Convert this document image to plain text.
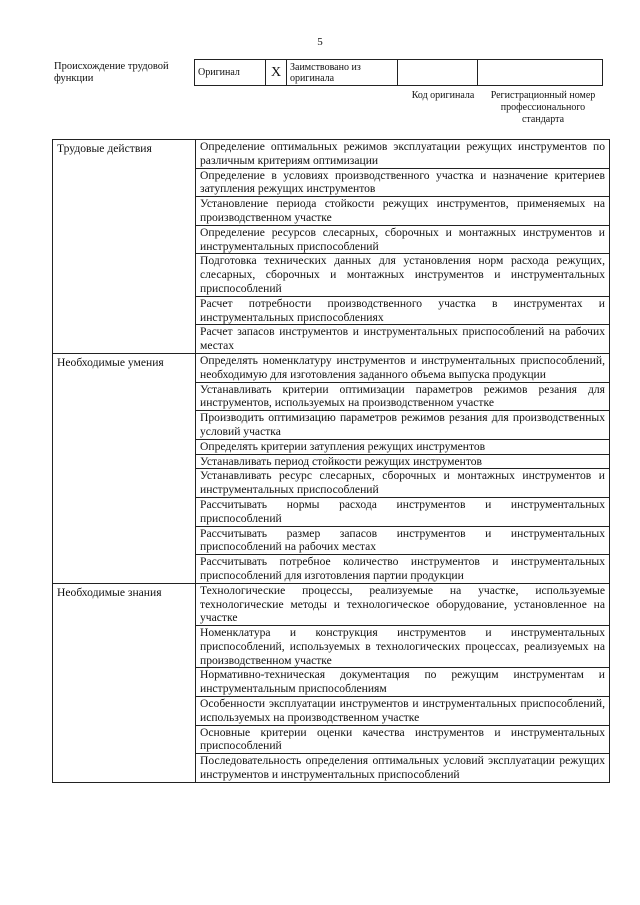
5
Происхождение трудовой функции
Оригинал	X	Заимствовано из оригинала		
Код оригинала	Регистрационный номер профессионального стандарта
Трудовые действия	Определение оптимальных режимов эксплуатации режущих инструментов по различным критериям оптимизации
	Определение в условиях производственного участка и назначение критериев затупления режущих инструментов
	Установление периода стойкости режущих инструментов, применяемых на производственном участке
	Определение ресурсов слесарных, сборочных и монтажных инструментов и инструментальных приспособлений
	Подготовка технических данных для установления норм расхода режущих, слесарных, сборочных и монтажных инструментов и инструментальных приспособлений
	Расчет потребности производственного участка в инструментах и инструментальных приспособлениях
	Расчет запасов инструментов и инструментальных приспособлений на рабочих местах
Необходимые умения	Определять номенклатуру инструментов и инструментальных приспособлений, необходимую для изготовления заданного объема выпуска продукции
	Устанавливать критерии оптимизации параметров режимов резания для инструментов, используемых на производственном участке
	Производить оптимизацию параметров режимов резания для производственных условий участка
	Определять критерии затупления режущих инструментов
	Устанавливать период стойкости режущих инструментов
	Устанавливать ресурс слесарных, сборочных и монтажных инструментов и инструментальных приспособлений
	Рассчитывать нормы расхода инструментов и инструментальных приспособлений
	Рассчитывать размер запасов инструментов и инструментальных приспособлений на рабочих местах
	Рассчитывать потребное количество инструментов и инструментальных приспособлений для изготовления партии продукции
Необходимые знания	Технологические процессы, реализуемые на участке, используемые технологические методы и технологическое оборудование, установленное на участке
	Номенклатура и конструкция инструментов и инструментальных приспособлений, используемых в технологических процессах, реализуемых на производственном участке
	Нормативно-техническая документация по режущим инструментам и инструментальным приспособлениям
	Особенности эксплуатации инструментов и инструментальных приспособлений, используемых на производственном участке
	Основные критерии оценки качества инструментов и инструментальных приспособлений
	Последовательность определения оптимальных условий эксплуатации режущих инструментов и инструментальных приспособлений
